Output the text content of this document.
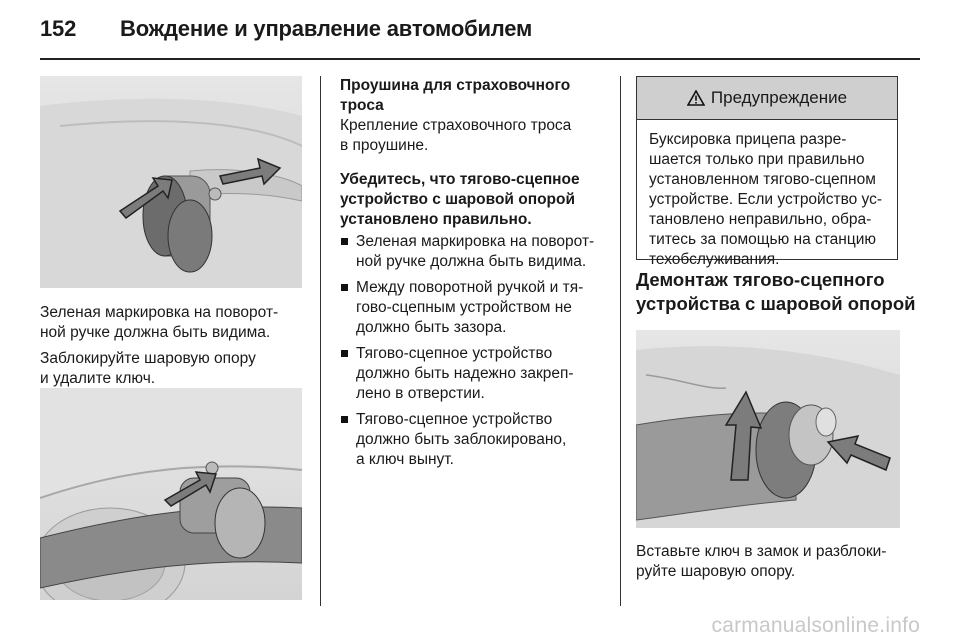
152 Вождение и управление автомобилем

Зеленая маркировка на поворот-
ной ручке должна быть видима.

Заблокируйте шаровую опору
и удалите ключ.

Проушина для страховочного
троса

Крепление страховочного троса
в проушине.

Убедитесь, что тягово-сцепное
устройство с шаровой опорой
установлено правильно.

Зеленая маркировка на поворот-
ной ручке должна быть видима.
Между поворотной ручкой и тя-
гово-сцепным устройством не
должно быть зазора.
Тягово-сцепное устройство
должно быть надежно закреп-
лено в отверстии.
Тягово-сцепное устройство
должно быть заблокировано,
а ключ вынут.
Предупреждение
Буксировка прицепа разре-
шается только при правильно
установленном тягово-сцепном
устройстве. Если устройство ус-
тановлено неправильно, обра-
титесь за помощью на станцию
техобслуживания.
Демонтаж тягово-сцепного
устройства с шаровой опорой
Вставьте ключ в замок и разблоки-
руйте шаровую опору.
carmanualsonline.info
